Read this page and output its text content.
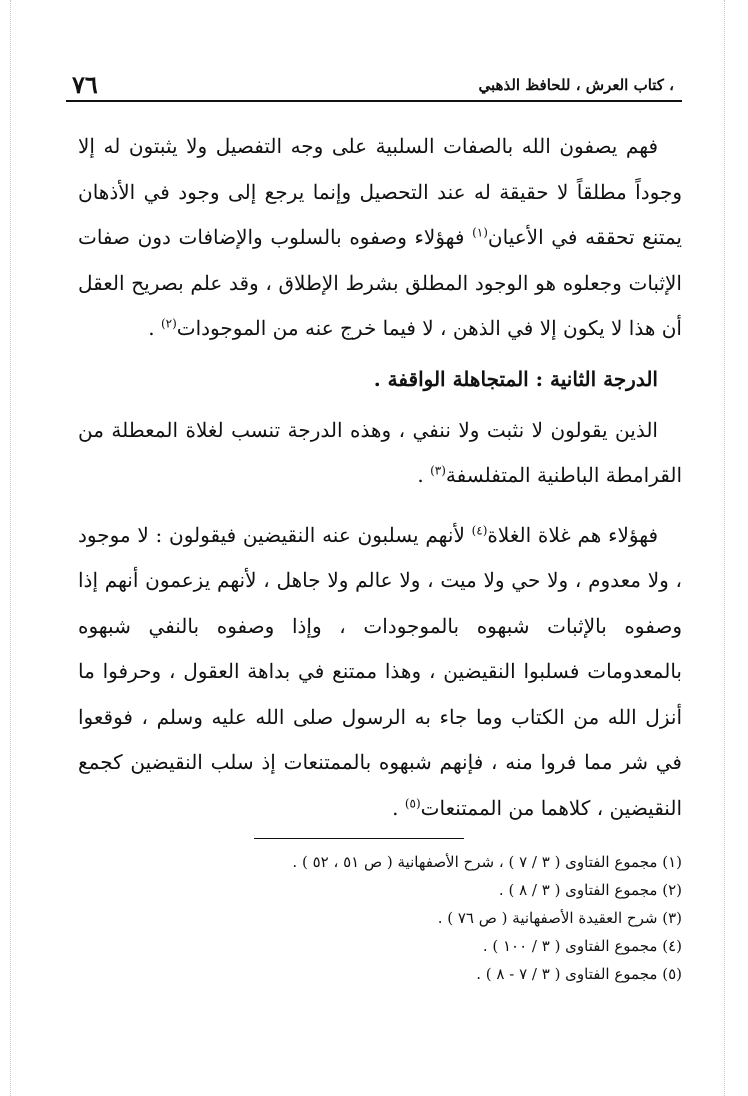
، كتاب العرش ، للحافظ الذهبي
٧٦

فهم يصفون الله بالصفات السلبية على وجه التفصيل ولا يثبتون له إلا وجوداً مطلقاً لا حقيقة له عند التحصيل وإنما يرجع إلى وجود في الأذهان يمتنع تحققه في الأعيان$^{(١)}$ فهؤلاء وصفوه بالسلوب والإضافات دون صفات الإثبات وجعلوه هو الوجود المطلق بشرط الإطلاق ، وقد علم بصريح العقل أن هذا لا يكون إلا في الذهن ، لا فيما خرج عنه من الموجودات$^{(٢)}$ .

الدرجة الثانية : المتجاهلة الواقفة .

الذين يقولون لا نثبت ولا ننفي ، وهذه الدرجة تنسب لغلاة المعطلة من القرامطة الباطنية المتفلسفة$^{(٣)}$ .

فهؤلاء هم غلاة الغلاة$^{(٤)}$ لأنهم يسلبون عنه النقيضين فيقولون : لا موجود ، ولا معدوم ، ولا حي ولا ميت ، ولا عالم ولا جاهل ، لأنهم يزعمون أنهم إذا وصفوه بالإثبات شبهوه بالموجودات ، وإذا وصفوه بالنفي شبهوه بالمعدومات فسلبوا النقيضين ، وهذا ممتنع في بداهة العقول ، وحرفوا ما أنزل الله من الكتاب وما جاء به الرسول صلى الله عليه وسلم ، فوقعوا في شر مما فروا منه ، فإنهم شبهوه بالممتنعات إذ سلب النقيضين كجمع النقيضين ، كلاهما من الممتنعات$^{(٥)}$ .

(١) مجموع الفتاوى ( ٣ / ٧ ) ، شرح الأصفهانية ( ص ٥١ ، ٥٢ ) .

(٢) مجموع الفتاوى ( ٣ / ٨ ) .

(٣) شرح العقيدة الأصفهانية ( ص ٧٦ ) .

(٤) مجموع الفتاوى ( ٣ / ١٠٠ ) .

(٥) مجموع الفتاوى ( ٣ / ٧ - ٨ ) .
